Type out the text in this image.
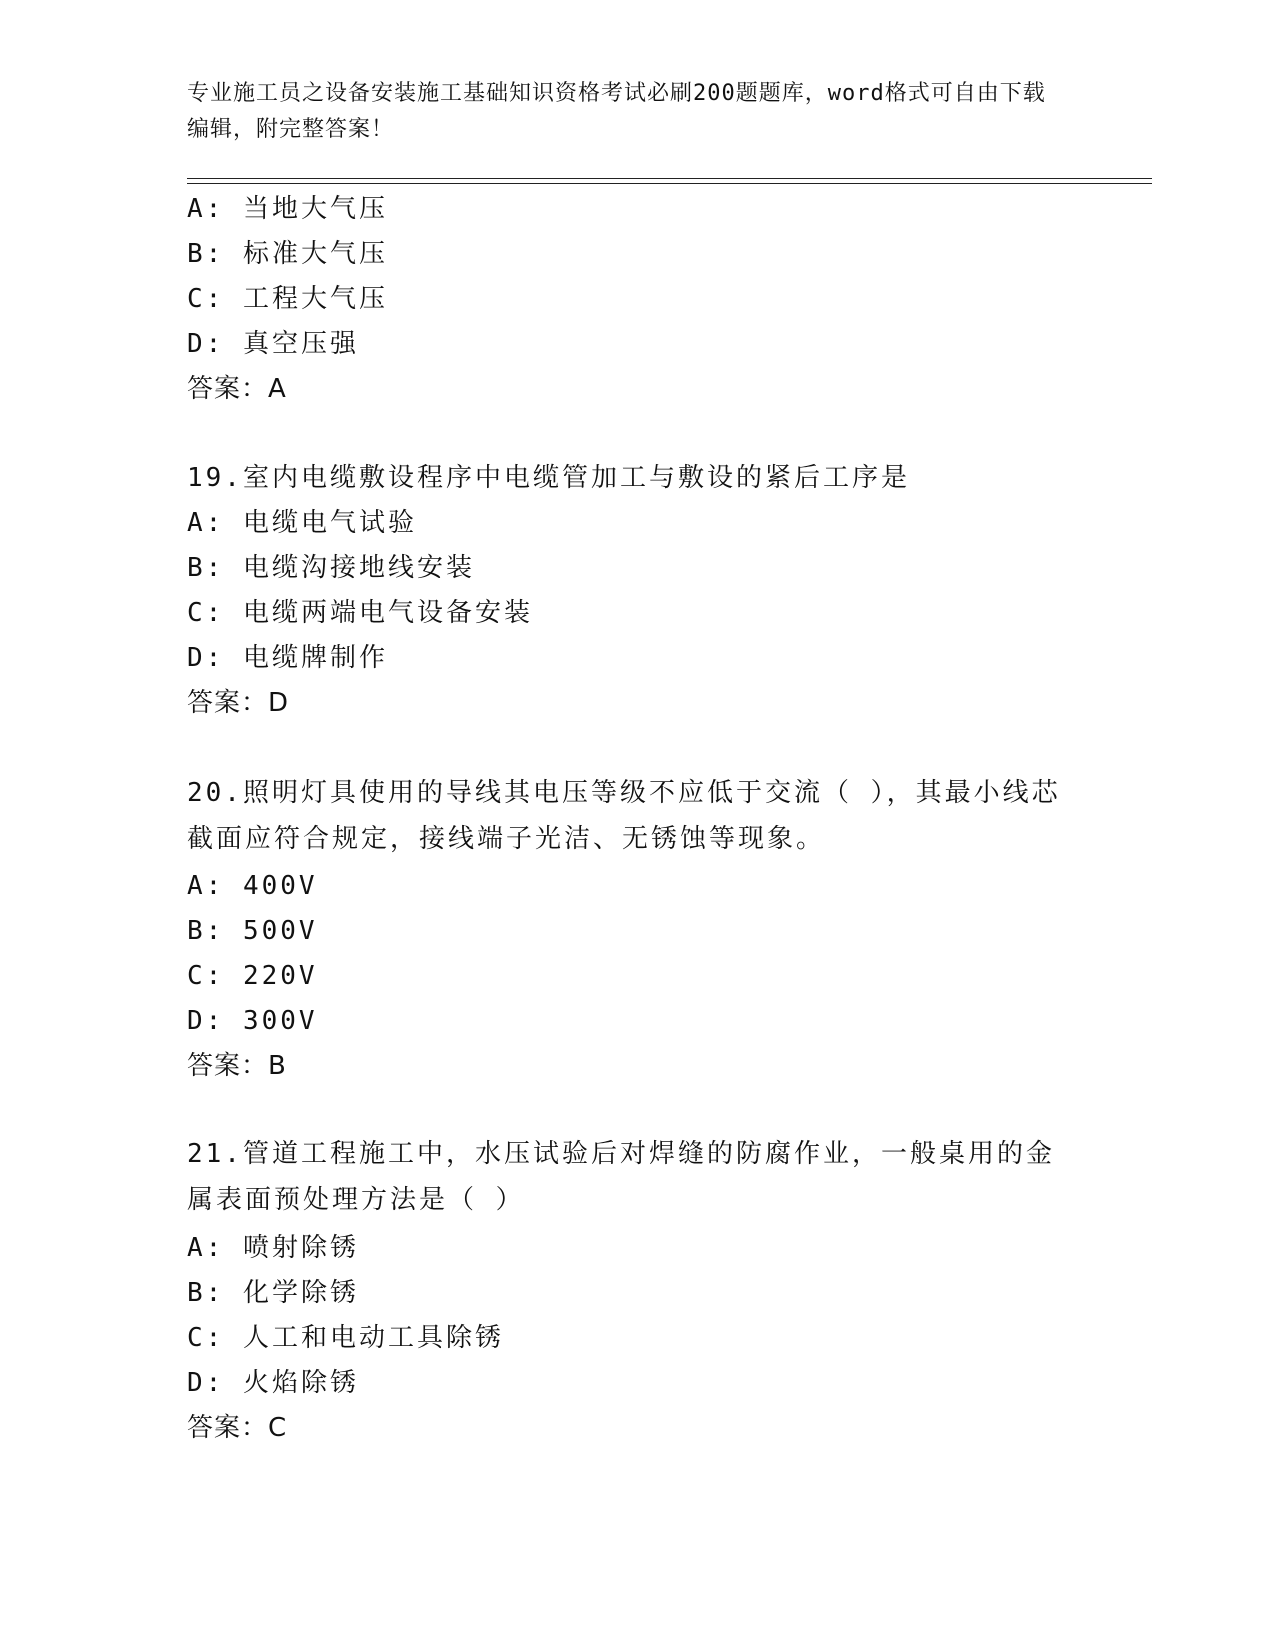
专业施工员之设备安装施工基础知识资格考试必刷200题题库，word格式可自由下载编辑，附完整答案！
A: 当地大气压
B: 标准大气压
C: 工程大气压
D: 真空压强
答案：A
19.室内电缆敷设程序中电缆管加工与敷设的紧后工序是
A: 电缆电气试验
B: 电缆沟接地线安装
C: 电缆两端电气设备安装
D: 电缆牌制作
答案：D
20.照明灯具使用的导线其电压等级不应低于交流（ ），其最小线芯截面应符合规定，接线端子光洁、无锈蚀等现象。
A: 400V
B: 500V
C: 220V
D: 300V
答案：B
21.管道工程施工中，水压试验后对焊缝的防腐作业，一般桌用的金属表面预处理方法是（ ）
A: 喷射除锈
B: 化学除锈
C: 人工和电动工具除锈
D: 火焰除锈
答案：C
